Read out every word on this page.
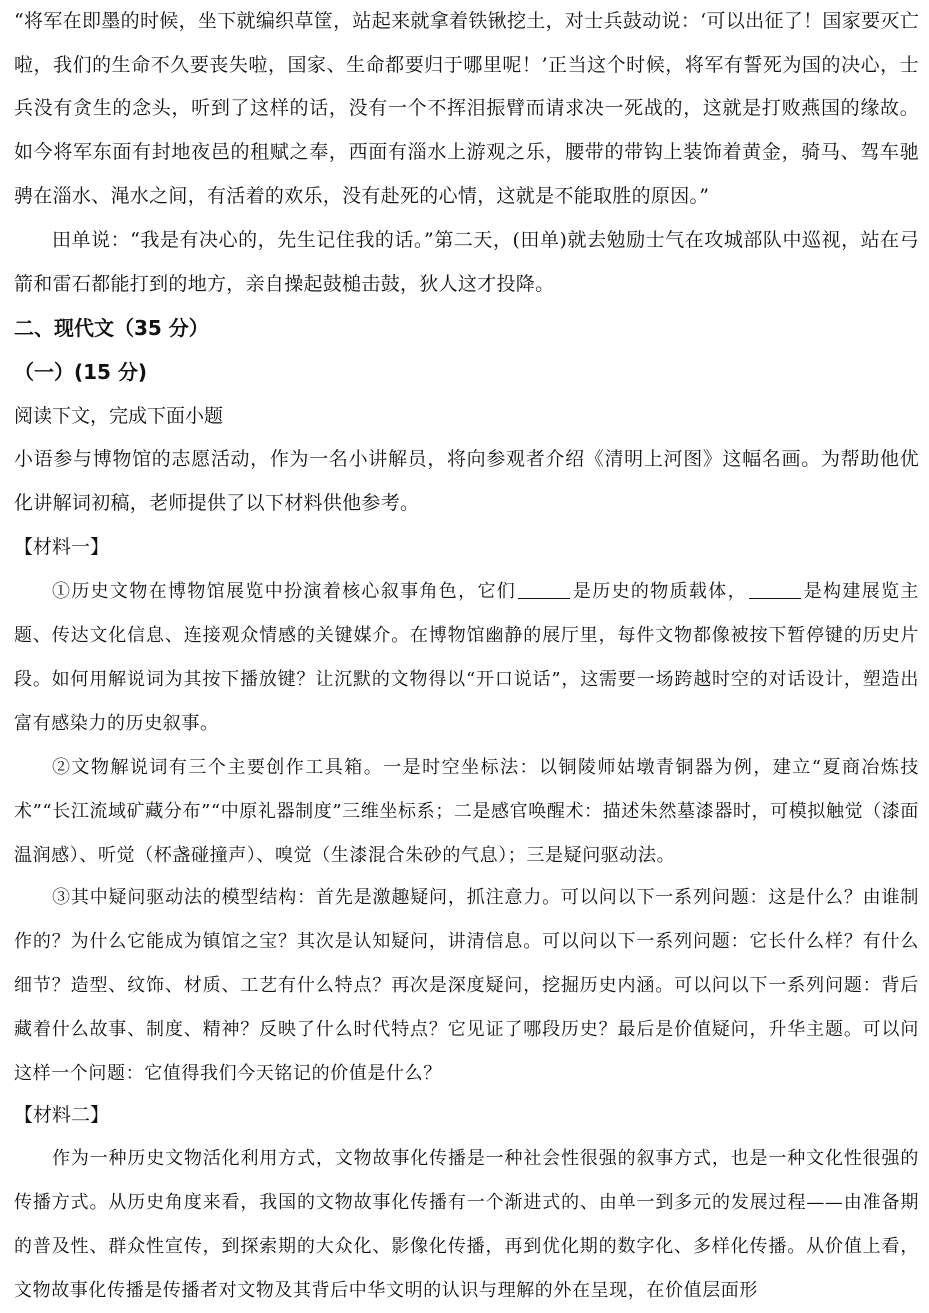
“将军在即墨的时候，坐下就编织草筐，站起来就拿着铁锹挖土，对士兵鼓动说：‘可以出征了！国家要灭亡啦，我们的生命不久要丧失啦，国家、生命都要归于哪里呢！’正当这个时候，将军有誓死为国的决心，士兵没有贪生的念头，听到了这样的话，没有一个不挥泪振臂而请求决一死战的，这就是打败燕国的缘故。如今将军东面有封地夜邑的租赋之奉，西面有淄水上游观之乐，腰带的带钩上装饰着黄金，骑马、驾车驰骋在淄水、渑水之间，有活着的欢乐，没有赴死的心情，这就是不能取胜的原因。”

田单说：“我是有决心的，先生记住我的话。”第二天，(田单)就去勉励士气在攻城部队中巡视，站在弓箭和雷石都能打到的地方，亲自操起鼓槌击鼓，狄人这才投降。

二、现代文（35 分）

（一）(15 分)

阅读下文，完成下面小题

小语参与博物馆的志愿活动，作为一名小讲解员，将向参观者介绍《清明上河图》这幅名画。为帮助他优化讲解词初稿，老师提供了以下材料供他参考。

【材料一】

①历史文物在博物馆展览中扮演着核心叙事角色，它们	是历史的物质载体，	是构建展览主题、传达文化信息、连接观众情感的关键媒介。在博物馆幽静的展厅里，每件文物都像被按下暂停键的历史片段。如何用解说词为其按下播放键？让沉默的文物得以“开口说话”，这需要一场跨越时空的对话设计，塑造出富有感染力的历史叙事。

②文物解说词有三个主要创作工具箱。一是时空坐标法：以铜陵师姑墩青铜器为例，建立“夏商冶炼技术”“长江流域矿藏分布”“中原礼器制度”三维坐标系；二是感官唤醒术：描述朱然墓漆器时，可模拟触觉（漆面温润感）、听觉（杯盏碰撞声）、嗅觉（生漆混合朱砂的气息）；三是疑问驱动法。

③其中疑问驱动法的模型结构：首先是激趣疑问，抓注意力。可以问以下一系列问题：这是什么？由谁制作的？为什么它能成为镇馆之宝？其次是认知疑问，讲清信息。可以问以下一系列问题：它长什么样？有什么细节？造型、纹饰、材质、工艺有什么特点？再次是深度疑问，挖掘历史内涵。可以问以下一系列问题：背后藏着什么故事、制度、精神？反映了什么时代特点？它见证了哪段历史？最后是价值疑问，升华主题。可以问这样一个问题：它值得我们今天铭记的价值是什么？

【材料二】

作为一种历史文物活化利用方式，文物故事化传播是一种社会性很强的叙事方式，也是一种文化性很强的传播方式。从历史角度来看，我国的文物故事化传播有一个渐进式的、由单一到多元的发展过程——由准备期的普及性、群众性宣传，到探索期的大众化、影像化传播，再到优化期的数字化、多样化传播。从价值上看，文物故事化传播是传播者对文物及其背后中华文明的认识与理解的外在呈现，在价值层面形
